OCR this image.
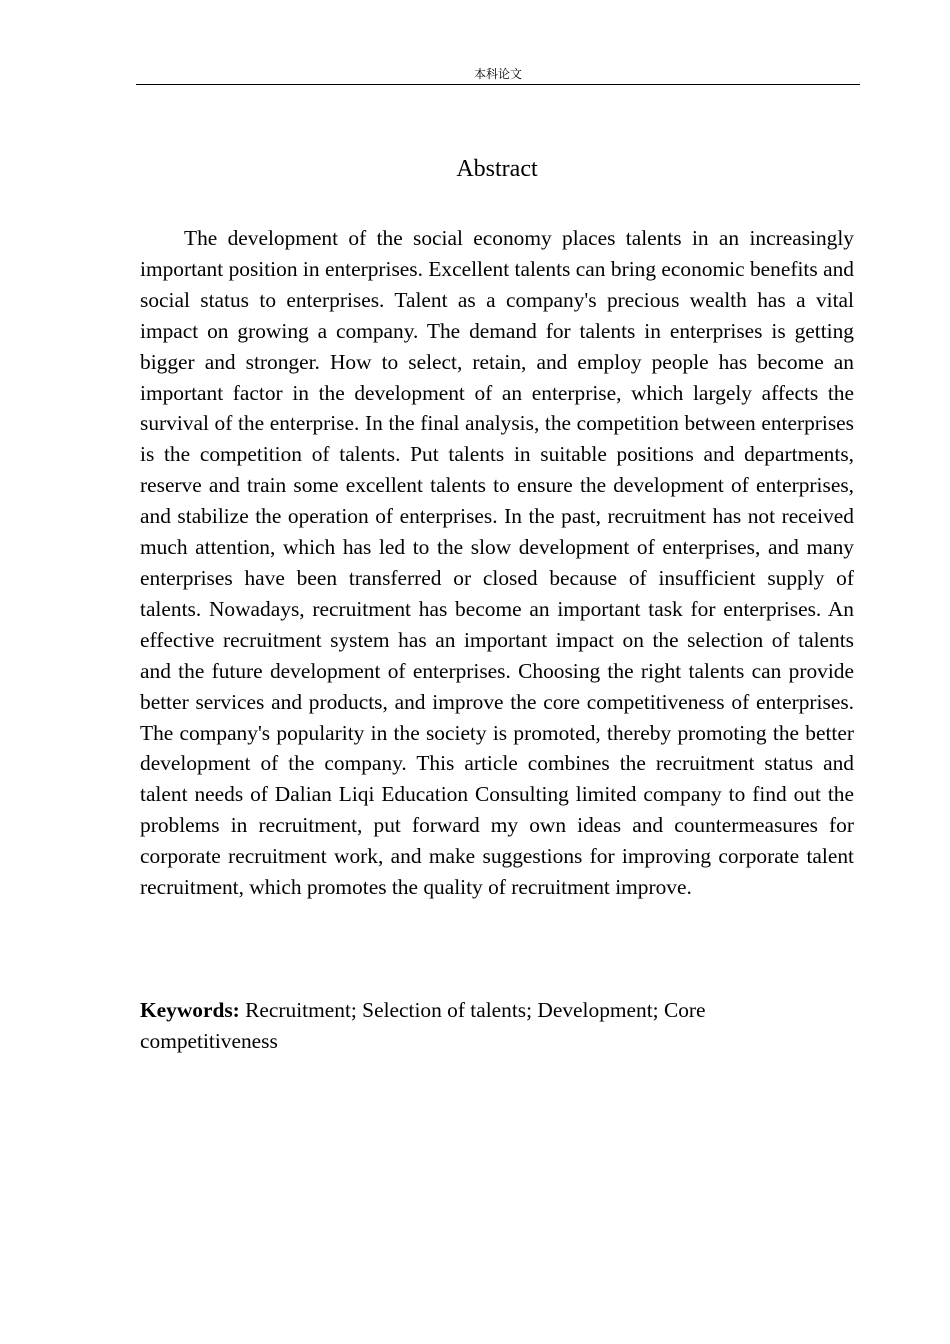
本科论文
Abstract

The development of the social economy places talents in an increasingly important position in enterprises. Excellent talents can bring economic benefits and social status to enterprises. Talent as a company's precious wealth has a vital impact on growing a company. The demand for talents in enterprises is getting bigger and stronger. How to select, retain, and employ people has become an important factor in the development of an enterprise, which largely affects the survival of the enterprise. In the final analysis, the competition between enterprises is the competition of talents. Put talents in suitable positions and departments, reserve and train some excellent talents to ensure the development of enterprises, and stabilize the operation of enterprises. In the past, recruitment has not received much attention, which has led to the slow development of enterprises, and many enterprises have been transferred or closed because of insufficient supply of talents. Nowadays, recruitment has become an important task for enterprises. An effective recruitment system has an important impact on the selection of talents and the future development of enterprises. Choosing the right talents can provide better services and products, and improve the core competitiveness of enterprises. The company's popularity in the society is promoted, thereby promoting the better development of the company. This article combines the recruitment status and talent needs of Dalian Liqi Education Consulting limited company to find out the problems in recruitment, put forward my own ideas and countermeasures for corporate recruitment work, and make suggestions for improving corporate talent recruitment, which promotes the quality of recruitment improve.

Keywords: Recruitment; Selection of talents; Development; Core competitiveness
